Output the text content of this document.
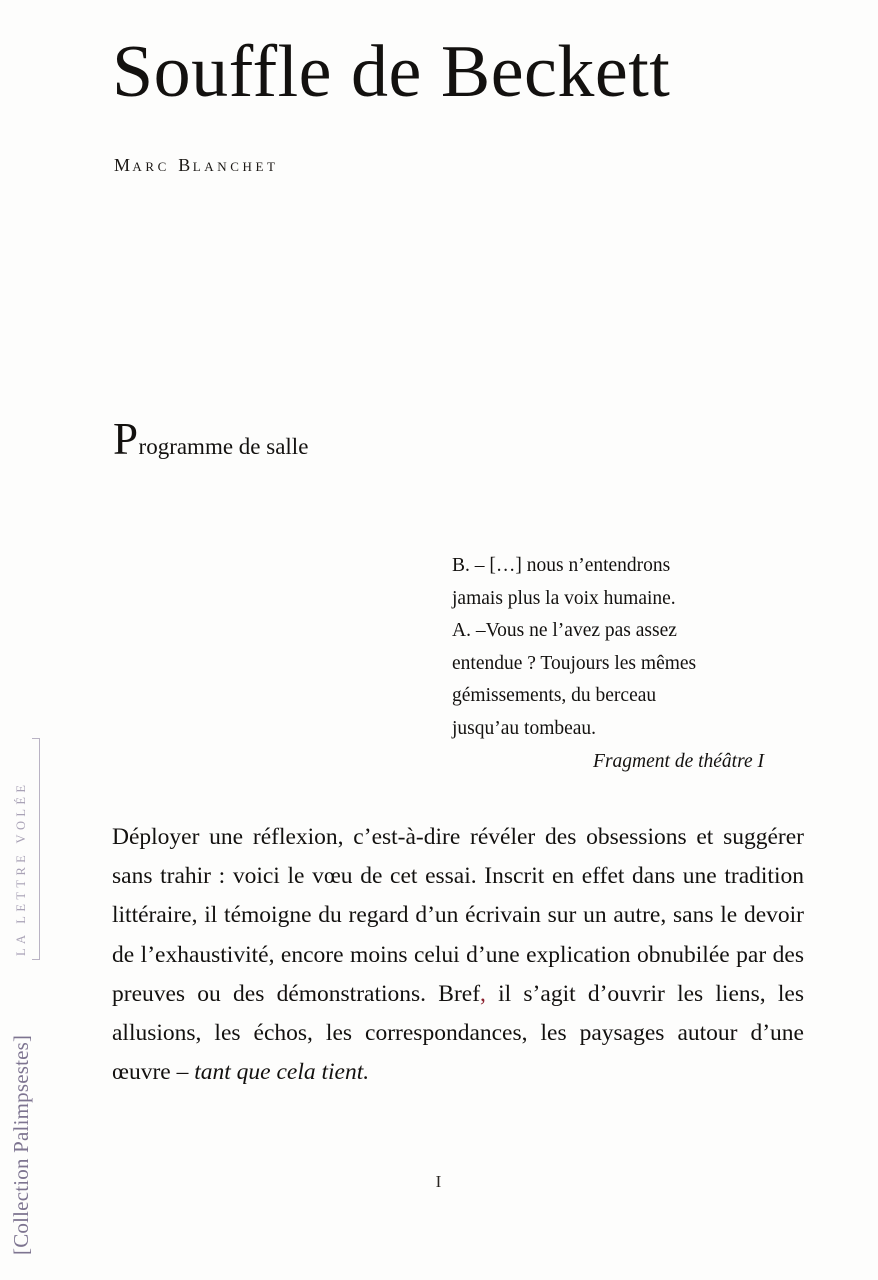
LA LETTRE VOLÉE
[Collection Palimpsestes]
Souffle de Beckett
marc blanchet
Programme de salle

B. – […] nous n’entendrons

jamais plus la voix humaine.

A. –Vous ne l’avez pas assez

entendue ? Toujours les mêmes

gémissements, du berceau

jusqu’au tombeau.

Fragment de théâtre I

Déployer une réflexion, c’est-à-dire révéler des obsessions et suggérer sans trahir : voici le vœu de cet essai. Inscrit en effet dans une tradition littéraire, il témoigne du regard d’un écrivain sur un autre, sans le devoir de l’exhaustivité, encore moins celui d’une explication obnubilée par des preuves ou des démonstrations. Bref, il s’agit d’ouvrir les liens, les allusions, les échos, les correspondances, les paysages autour d’une œuvre – tant que cela tient.

I
